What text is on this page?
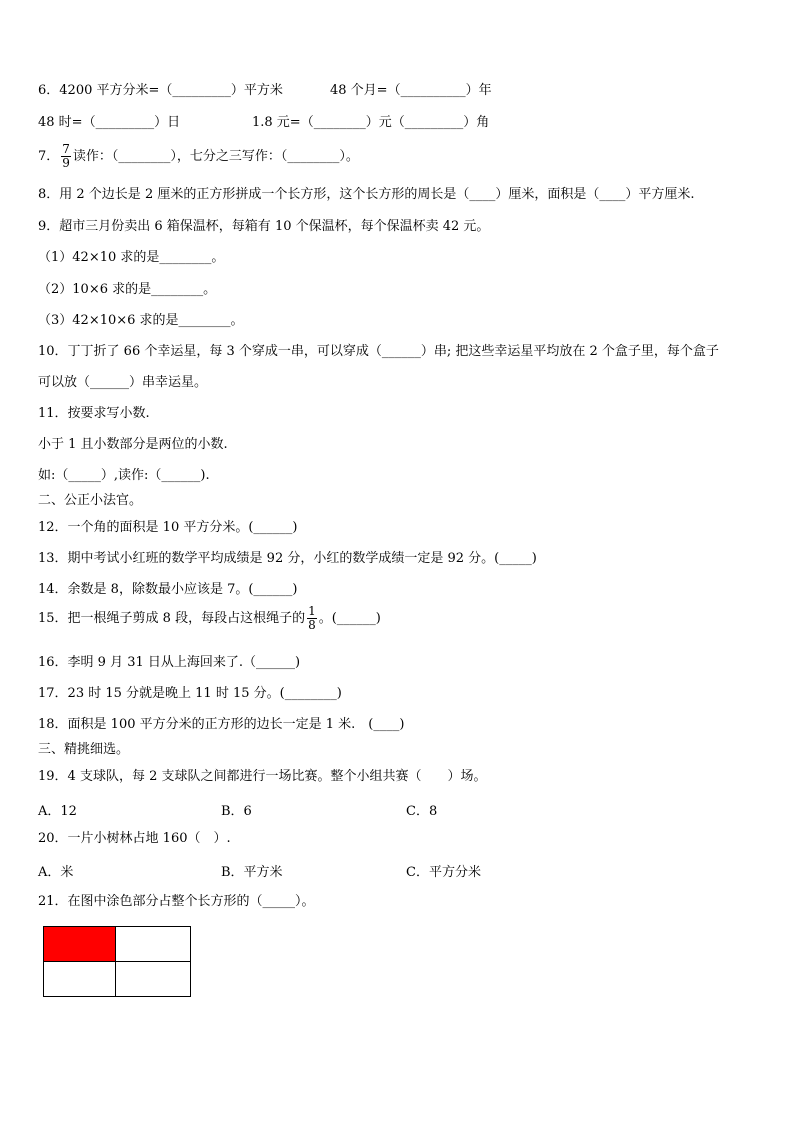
6．4200 平方分米=（_________）平方米	48 个月=（__________）年
48 时=（_________）日	1.8 元=（________）元（_________）角
7． $\frac{7}{9}$ 读作：（________），七分之三写作：（________）。
8．用 2 个边长是 2 厘米的正方形拼成一个长方形，这个长方形的周长是（____）厘米，面积是（____）平方厘米.
9．超市三月份卖出 6 箱保温杯，每箱有 10 个保温杯，每个保温杯卖 42 元。
（1）42×10 求的是________。
（2）10×6 求的是________。
（3）42×10×6 求的是________。
10．丁丁折了 66 个幸运星，每 3 个穿成一串，可以穿成（______）串; 把这些幸运星平均放在 2 个盒子里，每个盒子
可以放（______）串幸运星。
11．按要求写小数.
小于 1 且小数部分是两位的小数.
如:（_____）,读作:（______).
二、公正小法官。
12．一个角的面积是 10 平方分米。(______)
13．期中考试小红班的数学平均成绩是 92 分，小红的数学成绩一定是 92 分。(_____)
14．余数是 8，除数最小应该是 7。(______)
15．把一根绳子剪成 8 段，每段占这根绳子的 $\frac{1}{8}$ 。(______)
16．李明 9 月 31 日从上海回来了.（______)
17．23 时 15 分就是晚上 11 时 15 分。(________)
18．面积是 100 平方分米的正方形的边长一定是 1 米.　(____)
三、精挑细选。
19．4 支球队，每 2 支球队之间都进行一场比赛。整个小组共赛（　　）场。
A．12	B．6	C．8
20．一片小树林占地 160（　）.
A．米	B．平方米	C．平方分米
21．在图中涂色部分占整个长方形的（_____）。
